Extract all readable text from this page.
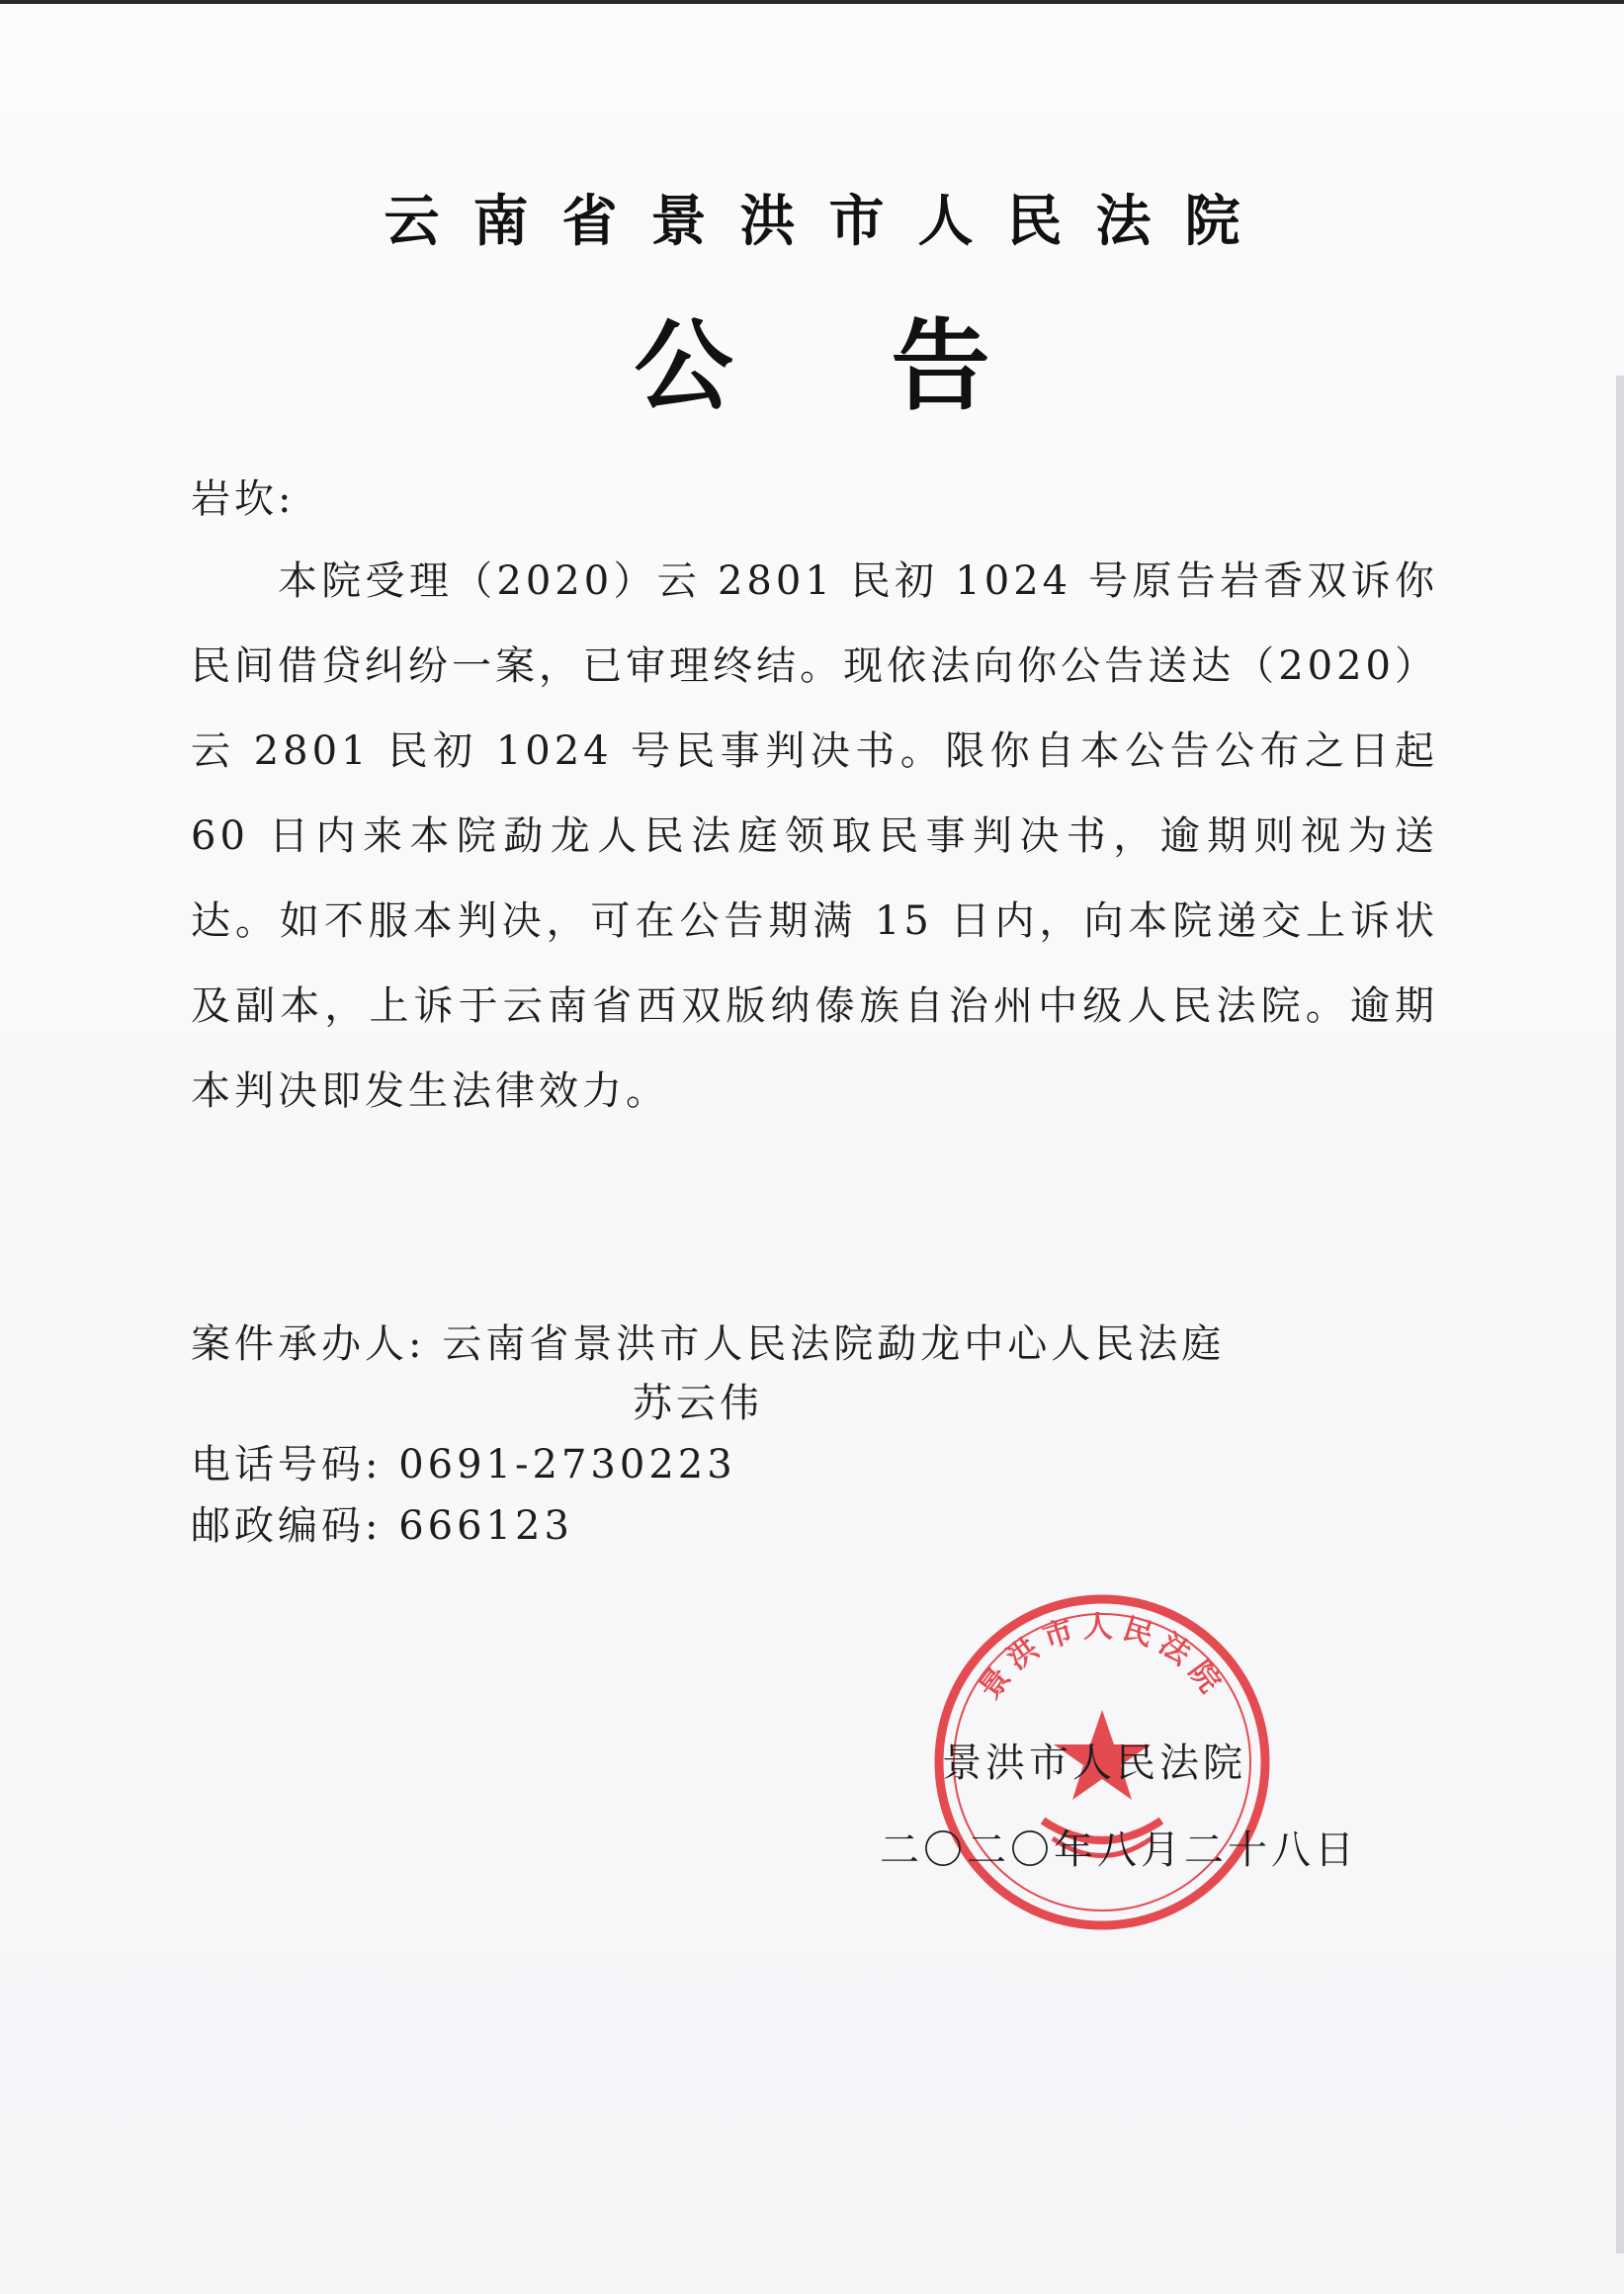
云南省景洪市人民法院
公告

岩坎:

本院受理（2020）云 2801 民初 1024 号原告岩香双诉你民间借贷纠纷一案，已审理终结。现依法向你公告送达（2020）云 2801 民初 1024 号民事判决书。限你自本公告公布之日起 60 日内来本院勐龙人民法庭领取民事判决书，逾期则视为送达。如不服本判决，可在公告期满 15 日内，向本院递交上诉状及副本，上诉于云南省西双版纳傣族自治州中级人民法院。逾期本判决即发生法律效力。

案件承办人: 云南省景洪市人民法院勐龙中心人民法庭

苏云伟

电话号码: 0691-2730223

邮政编码: 666123

景洪市人民法院

景洪市人民法院

二〇二〇年八月二十八日
